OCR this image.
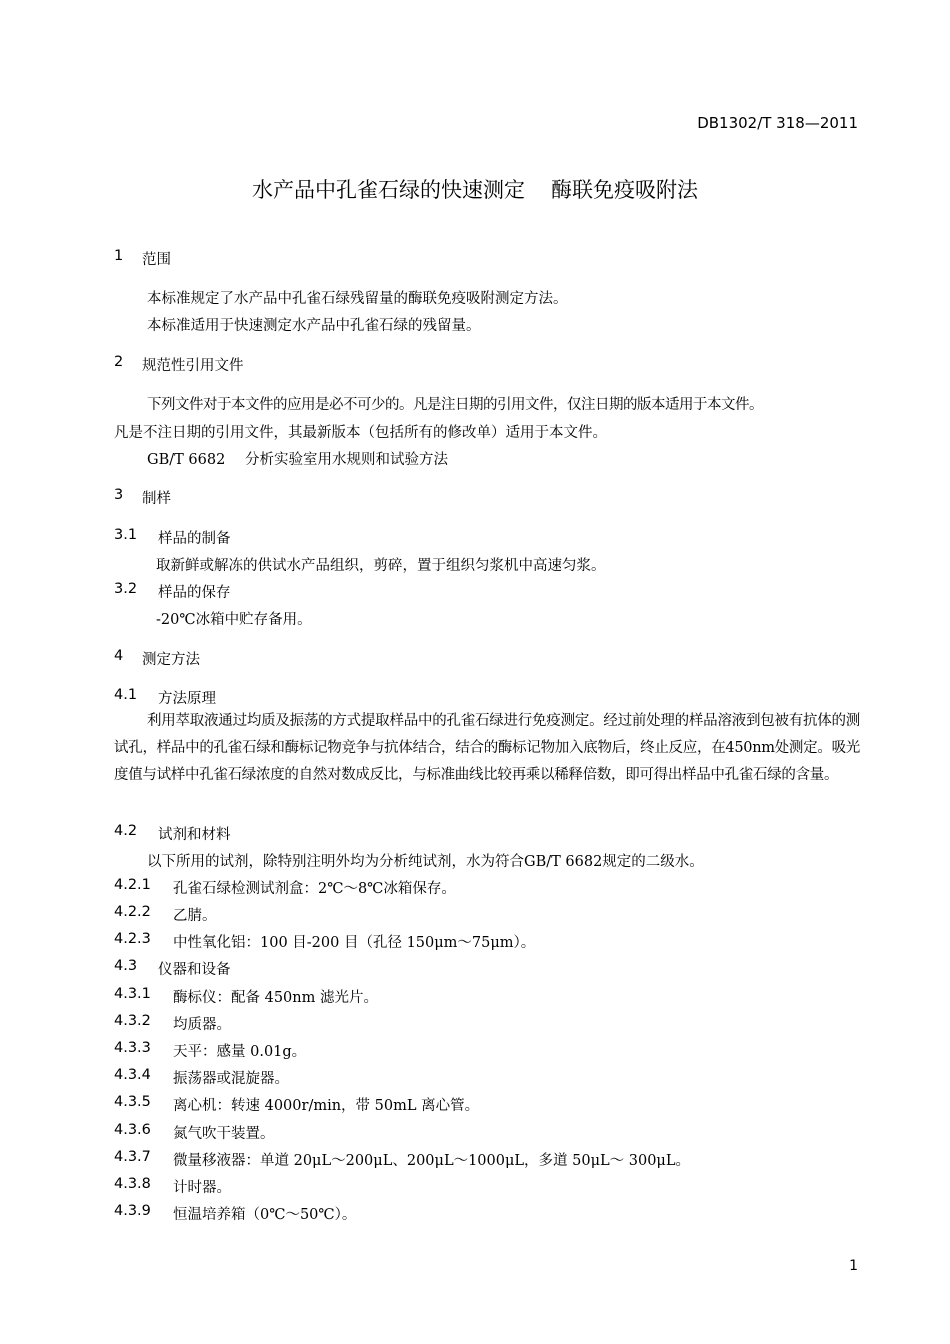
DB1302/T 318—2011
水产品中孔雀石绿的快速测定 酶联免疫吸附法
1 范围
本标准规定了水产品中孔雀石绿残留量的酶联免疫吸附测定方法。
本标准适用于快速测定水产品中孔雀石绿的残留量。
2 规范性引用文件
下列文件对于本文件的应用是必不可少的。凡是注日期的引用文件，仅注日期的版本适用于本文件。
凡是不注日期的引用文件，其最新版本（包括所有的修改单）适用于本文件。
GB/T 6682 分析实验室用水规则和试验方法
3 制样
3.1 样品的制备
取新鲜或解冻的供试水产品组织，剪碎，置于组织匀浆机中高速匀浆。
3.2 样品的保存
-20℃冰箱中贮存备用。
4 测定方法
4.1 方法原理
利用萃取液通过均质及振荡的方式提取样品中的孔雀石绿进行免疫测定。经过前处理的样品溶液到包被有抗体的测试孔，样品中的孔雀石绿和酶标记物竞争与抗体结合，结合的酶标记物加入底物后，终止反应，在450nm处测定。吸光度值与试样中孔雀石绿浓度的自然对数成反比，与标准曲线比较再乘以稀释倍数，即可得出样品中孔雀石绿的含量。
4.2 试剂和材料
以下所用的试剂，除特别注明外均为分析纯试剂，水为符合GB/T 6682规定的二级水。
4.2.1 孔雀石绿检测试剂盒：2℃～8℃冰箱保存。
4.2.2 乙腈。
4.2.3 中性氧化铝：100 目-200 目（孔径 150μm～75μm）。
4.3 仪器和设备
4.3.1 酶标仪：配备 450nm 滤光片。
4.3.2 均质器。
4.3.3 天平：感量 0.01g。
4.3.4 振荡器或混旋器。
4.3.5 离心机：转速 4000r/min，带 50mL 离心管。
4.3.6 氮气吹干装置。
4.3.7 微量移液器：单道 20μL～200μL、200μL～1000μL，多道 50μL～ 300μL。
4.3.8 计时器。
4.3.9 恒温培养箱（0℃～50℃）。
1
